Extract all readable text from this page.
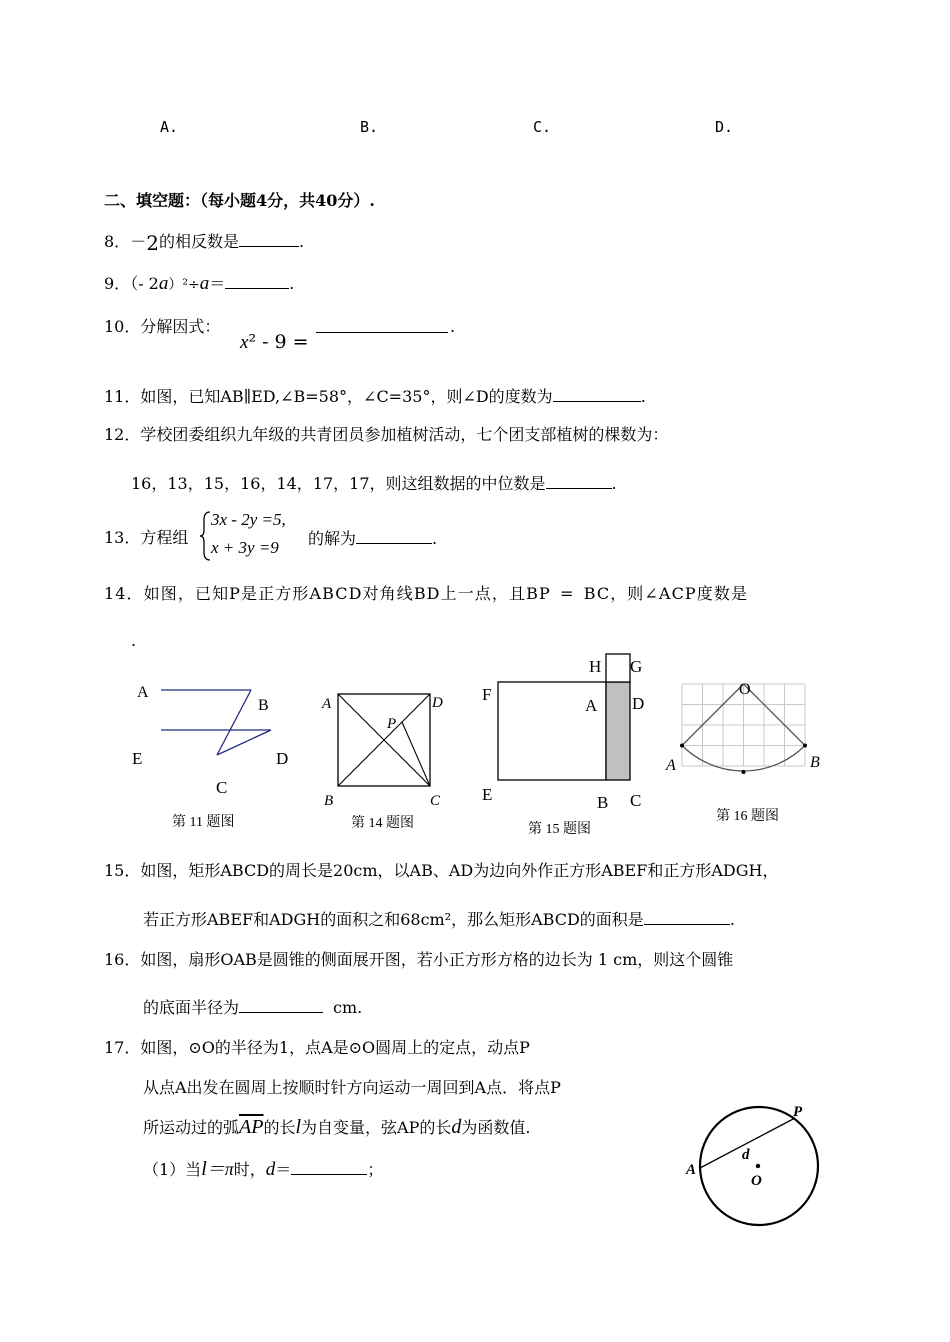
A.	B.	C.	D.
二、填空题：（每小题4分，共40分）.
8．－2的相反数是	.
9．（- 2a）²÷a＝	.
10．分解因式：
x² - 9 =
.
11．如图，已知AB∥ED,∠B=58°，∠C=35°，则∠D的度数为	.
12．学校团委组织九年级的共青团员参加植树活动，七个团支部植树的棵数为：
16，13，15，16，14，17，17，则这组数据的中位数是	.
13．方程组
3x - 2y =5,
x + 3y =9 的解为	.
14．如图，已知P是正方形ABCD对角线BD上一点，且BP = BC，则∠ACP度数是
.
A
B
E	D
C
第 11 题图
A	D
P
B	C
第 14 题图
H G
F
A D
E	B C
第 15 题图
O
A	B
第 16 题图
15．如图，矩形ABCD的周长是20cm，以AB、AD为边向外作正方形ABEF和正方形ADGH，
若正方形ABEF和ADGH的面积之和68cm²，那么矩形ABCD的面积是	.
16．如图，扇形OAB是圆锥的侧面展开图，若小正方形方格的边长为 1 cm，则这个圆锥
的底面半径为	cm.
17．如图，⊙O的半径为1，点A是⊙O圆周上的定点，动点P
从点A出发在圆周上按顺时针方向运动一周回到A点．将点P
所运动过的弧$\overline{AP}$的长l为自变量，弦AP的长d为函数值.
（1）当l＝π时，d＝	；
P
A
d
O
